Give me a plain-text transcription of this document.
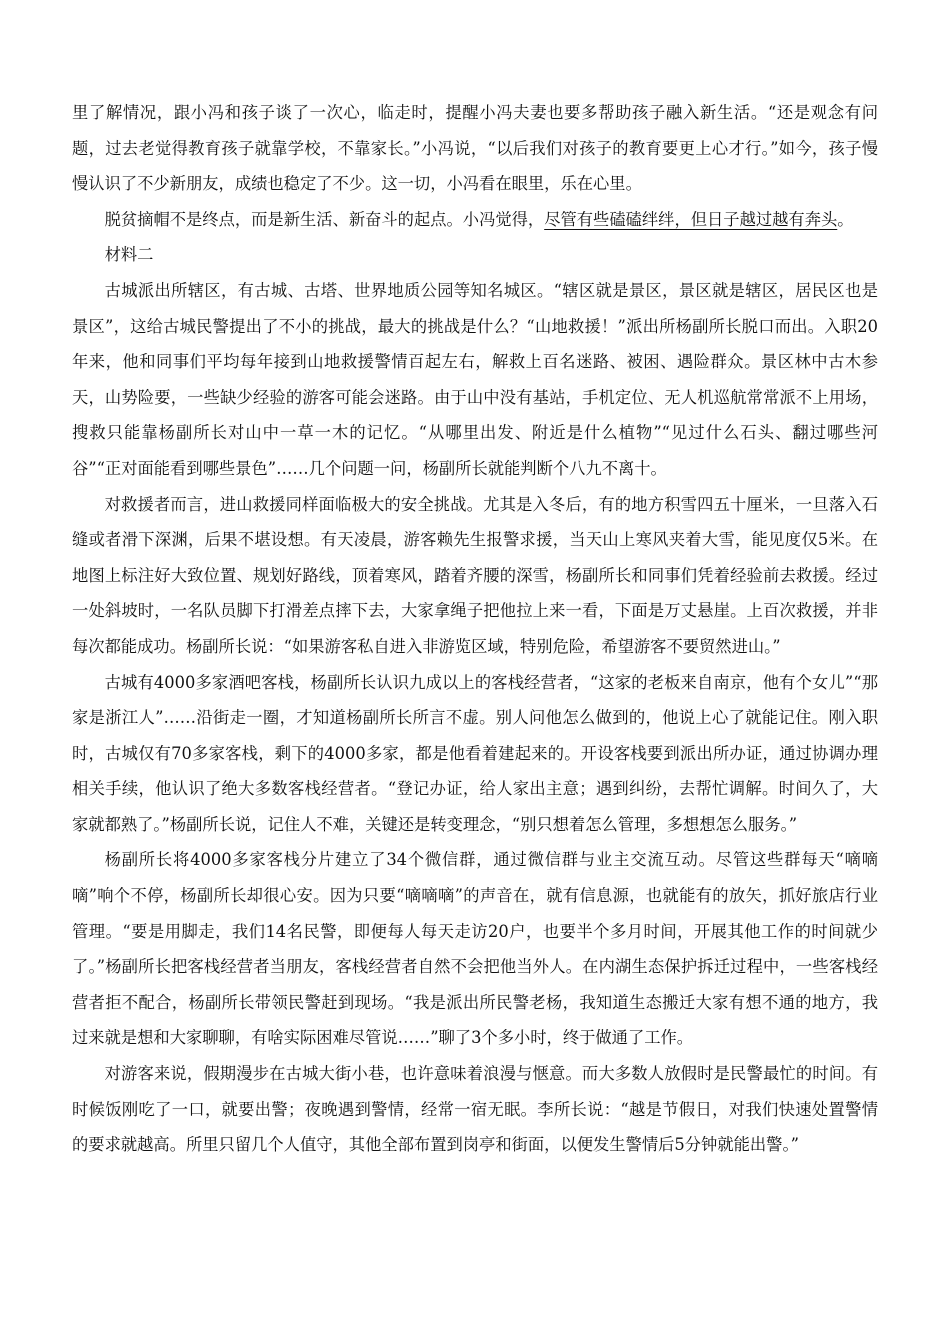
里了解情况，跟小冯和孩子谈了一次心，临走时，提醒小冯夫妻也要多帮助孩子融入新生活。“还是观念有问题，过去老觉得教育孩子就靠学校，不靠家长。”小冯说，“以后我们对孩子的教育要更上心才行。”如今，孩子慢慢认识了不少新朋友，成绩也稳定了不少。这一切，小冯看在眼里，乐在心里。

脱贫摘帽不是终点，而是新生活、新奋斗的起点。小冯觉得，尽管有些磕磕绊绊，但日子越过越有奔头。

材料二

古城派出所辖区，有古城、古塔、世界地质公园等知名城区。“辖区就是景区，景区就是辖区，居民区也是景区”，这给古城民警提出了不小的挑战，最大的挑战是什么？“山地救援！”派出所杨副所长脱口而出。入职20年来，他和同事们平均每年接到山地救援警情百起左右，解救上百名迷路、被困、遇险群众。景区林中古木参天，山势险要，一些缺少经验的游客可能会迷路。由于山中没有基站，手机定位、无人机巡航常常派不上用场，搜救只能靠杨副所长对山中一草一木的记忆。“从哪里出发、附近是什么植物”“见过什么石头、翻过哪些河谷”“正对面能看到哪些景色”……几个问题一问，杨副所长就能判断个八九不离十。

对救援者而言，进山救援同样面临极大的安全挑战。尤其是入冬后，有的地方积雪四五十厘米，一旦落入石缝或者滑下深渊，后果不堪设想。有天凌晨，游客赖先生报警求援，当天山上寒风夹着大雪，能见度仅5米。在地图上标注好大致位置、规划好路线，顶着寒风，踏着齐腰的深雪，杨副所长和同事们凭着经验前去救援。经过一处斜坡时，一名队员脚下打滑差点摔下去，大家拿绳子把他拉上来一看，下面是万丈悬崖。上百次救援，并非每次都能成功。杨副所长说：“如果游客私自进入非游览区域，特别危险，希望游客不要贸然进山。”

古城有4000多家酒吧客栈，杨副所长认识九成以上的客栈经营者，“这家的老板来自南京，他有个女儿”“那家是浙江人”……沿街走一圈，才知道杨副所长所言不虚。别人问他怎么做到的，他说上心了就能记住。刚入职时，古城仅有70多家客栈，剩下的4000多家，都是他看着建起来的。开设客栈要到派出所办证，通过协调办理相关手续，他认识了绝大多数客栈经营者。“登记办证，给人家出主意；遇到纠纷，去帮忙调解。时间久了，大家就都熟了。”杨副所长说，记住人不难，关键还是转变理念，“别只想着怎么管理，多想想怎么服务。”

杨副所长将4000多家客栈分片建立了34个微信群，通过微信群与业主交流互动。尽管这些群每天“嘀嘀嘀”响个不停，杨副所长却很心安。因为只要“嘀嘀嘀”的声音在，就有信息源，也就能有的放矢，抓好旅店行业管理。“要是用脚走，我们14名民警，即便每人每天走访20户，也要半个多月时间，开展其他工作的时间就少了。”杨副所长把客栈经营者当朋友，客栈经营者自然不会把他当外人。在内湖生态保护拆迁过程中，一些客栈经营者拒不配合，杨副所长带领民警赶到现场。“我是派出所民警老杨，我知道生态搬迁大家有想不通的地方，我过来就是想和大家聊聊，有啥实际困难尽管说……”聊了3个多小时，终于做通了工作。

对游客来说，假期漫步在古城大街小巷，也许意味着浪漫与惬意。而大多数人放假时是民警最忙的时间。有时候饭刚吃了一口，就要出警；夜晚遇到警情，经常一宿无眠。李所长说：“越是节假日，对我们快速处置警情的要求就越高。所里只留几个人值守，其他全部布置到岗亭和街面，以便发生警情后5分钟就能出警。”
